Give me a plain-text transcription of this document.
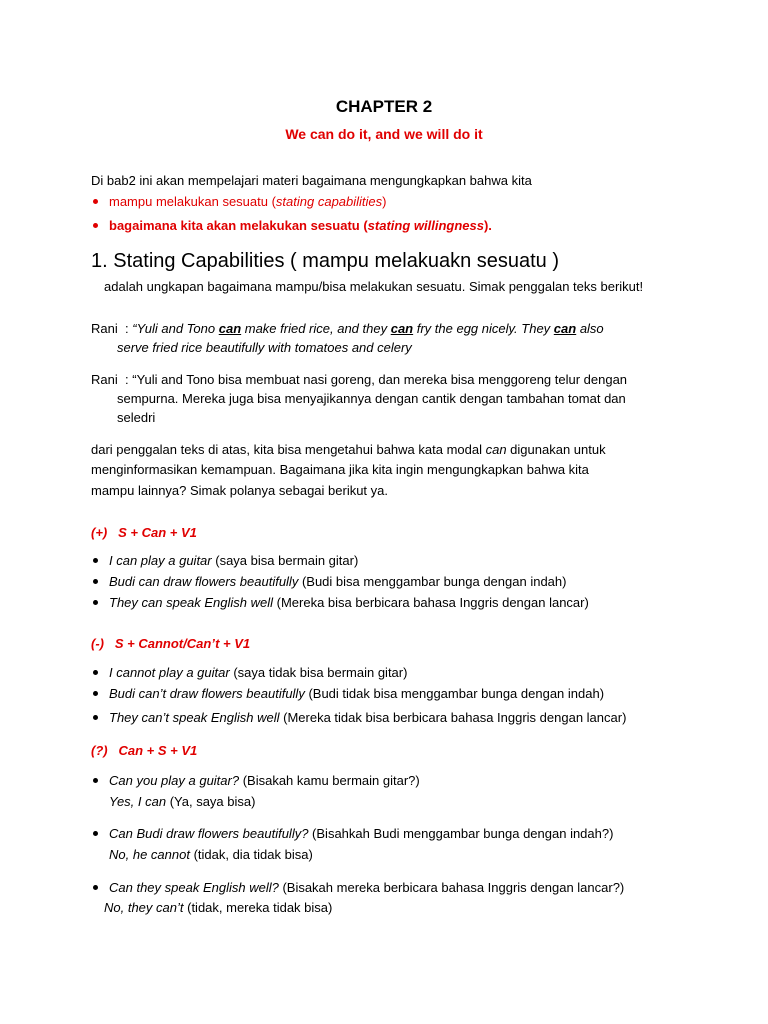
CHAPTER 2
We can do it, and we will do it
Di bab2 ini akan mempelajari materi bagaimana mengungkapkan bahwa kita
mampu melakukan sesuatu (stating capabilities)
bagaimana kita akan melakukan sesuatu (stating willingness).
1. Stating Capabilities ( mampu melakuakn sesuatu )
adalah ungkapan bagaimana mampu/bisa melakukan sesuatu. Simak penggalan teks berikut!
Rani : “Yuli and Tono can make fried rice, and they can fry the egg nicely. They can also
serve fried rice beautifully with tomatoes and celery
Rani : “Yuli and Tono bisa membuat nasi goreng, dan mereka bisa menggoreng telur dengan
sempurna. Mereka juga bisa menyajikannya dengan cantik dengan tambahan tomat dan
seledri
dari penggalan teks di atas, kita bisa mengetahui bahwa kata modal can digunakan untuk
menginformasikan kemampuan. Bagaimana jika kita ingin mengungkapkan bahwa kita
mampu lainnya? Simak polanya sebagai berikut ya.
(+) S + Can + V1
I can play a guitar (saya bisa bermain gitar)
Budi can draw flowers beautifully (Budi bisa menggambar bunga dengan indah)
They can speak English well (Mereka bisa berbicara bahasa Inggris dengan lancar)
(-) S + Cannot/Can’t + V1
I cannot play a guitar (saya tidak bisa bermain gitar)
Budi can’t draw flowers beautifully (Budi tidak bisa menggambar bunga dengan indah)
They can’t speak English well (Mereka tidak bisa berbicara bahasa Inggris dengan lancar)
(?) Can + S + V1
Can you play a guitar? (Bisakah kamu bermain gitar?)
Yes, I can (Ya, saya bisa)
Can Budi draw flowers beautifully? (Bisahkah Budi menggambar bunga dengan indah?)
No, he cannot (tidak, dia tidak bisa)
Can they speak English well? (Bisakah mereka berbicara bahasa Inggris dengan lancar?)
No, they can’t (tidak, mereka tidak bisa)
